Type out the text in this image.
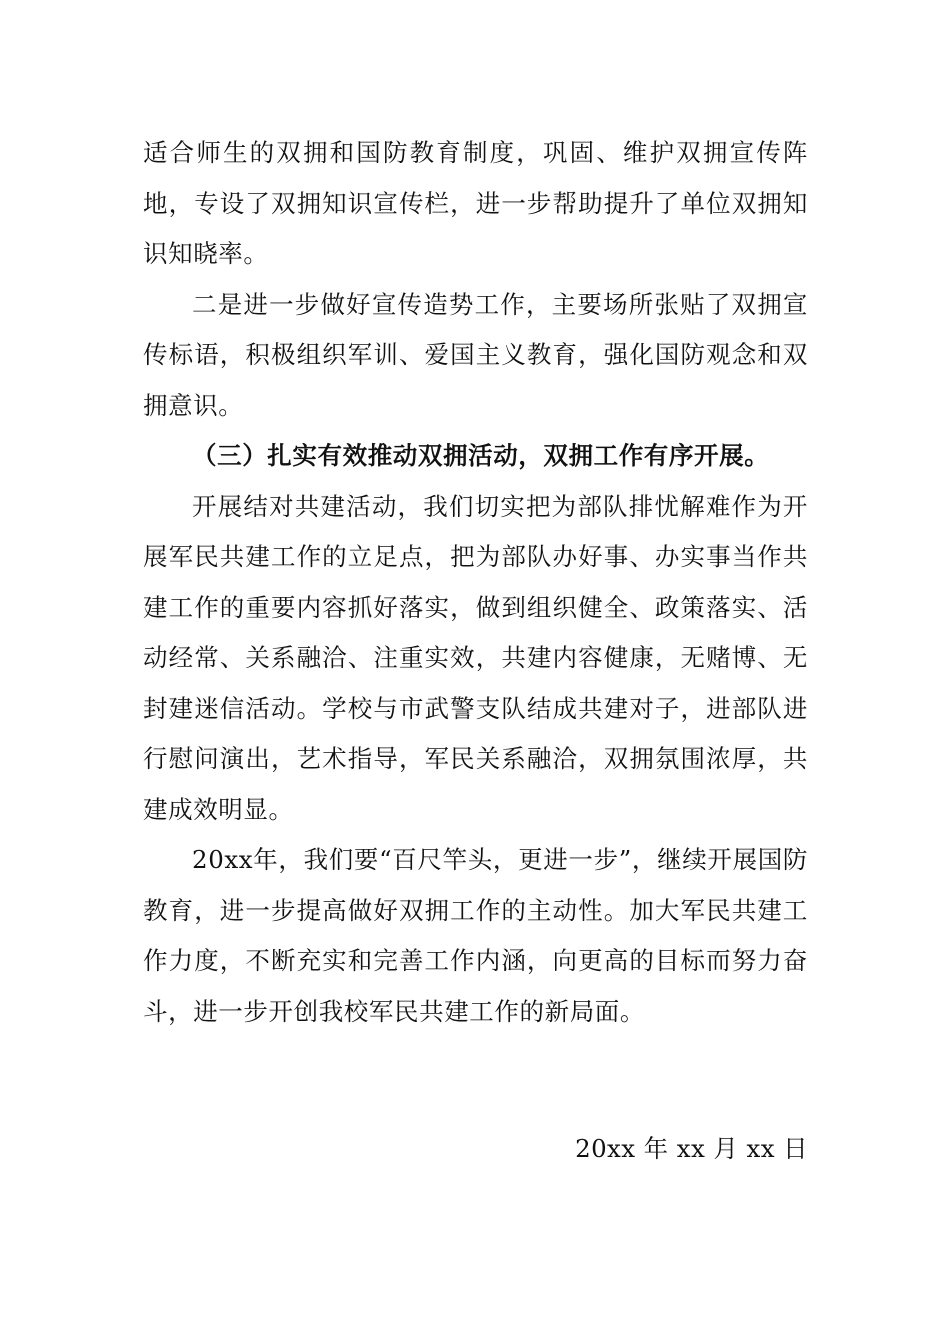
适合师生的双拥和国防教育制度，巩固、维护双拥宣传阵地，专设了双拥知识宣传栏，进一步帮助提升了单位双拥知识知晓率。

二是进一步做好宣传造势工作，主要场所张贴了双拥宣传标语，积极组织军训、爱国主义教育，强化国防观念和双拥意识。

（三）扎实有效推动双拥活动，双拥工作有序开展。

开展结对共建活动，我们切实把为部队排忧解难作为开展军民共建工作的立足点，把为部队办好事、办实事当作共建工作的重要内容抓好落实，做到组织健全、政策落实、活动经常、关系融洽、注重实效，共建内容健康，无赌博、无封建迷信活动。学校与市武警支队结成共建对子，进部队进行慰问演出，艺术指导，军民关系融洽，双拥氛围浓厚，共建成效明显。

20xx年，我们要“百尺竿头，更进一步”，继续开展国防教育，进一步提高做好双拥工作的主动性。加大军民共建工作力度，不断充实和完善工作内涵，向更高的目标而努力奋斗，进一步开创我校军民共建工作的新局面。

20xx 年 xx 月 xx 日
